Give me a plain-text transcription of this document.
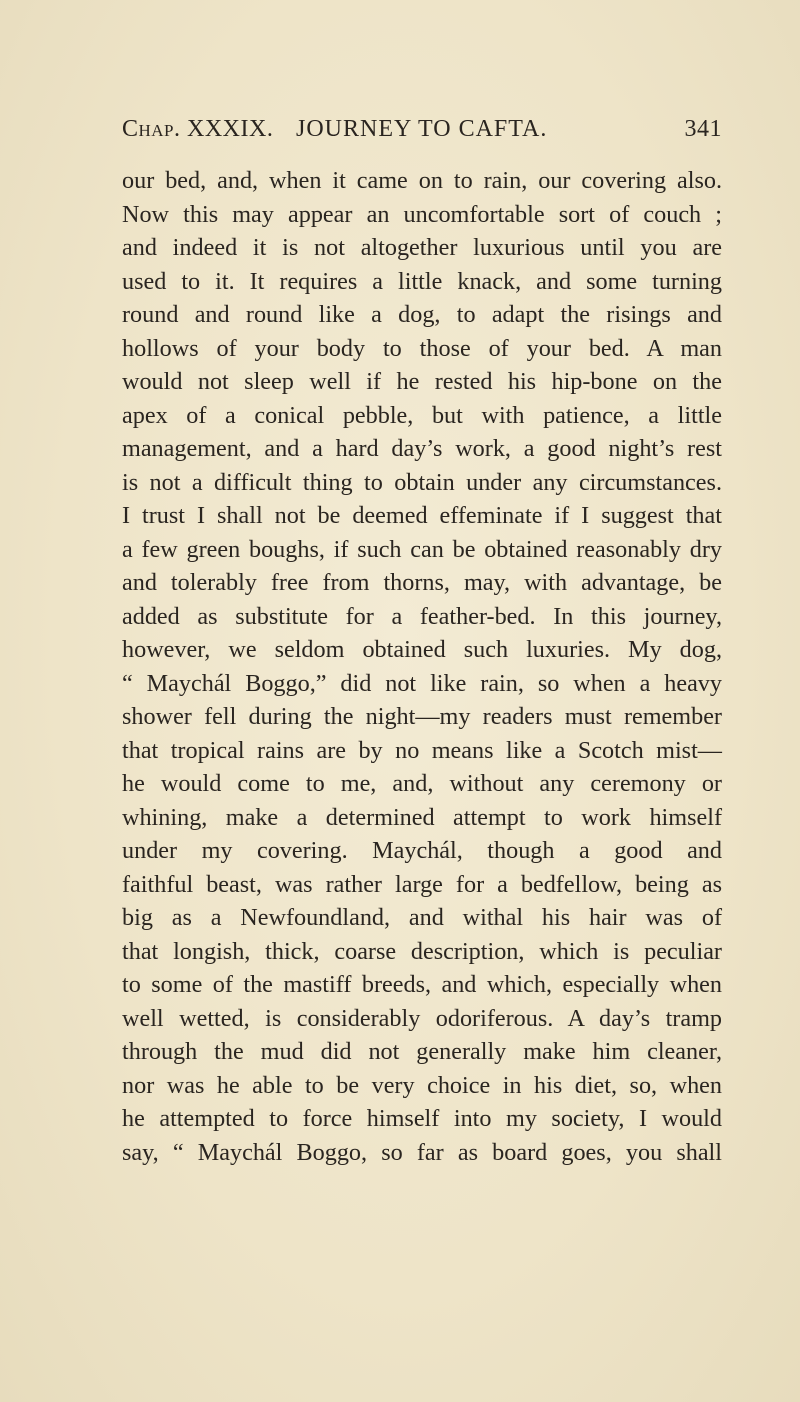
Chap. XXXIX. JOURNEY TO CAFTA.	341
our bed, and, when it came on to rain, our covering also.
Now this may appear an uncomfortable sort of couch ;
and indeed it is not altogether luxurious until you are
used to it. It requires a little knack, and some turning
round and round like a dog, to adapt the risings and
hollows of your body to those of your bed. A man
would not sleep well if he rested his hip-bone on the
apex of a conical pebble, but with patience, a little
management, and a hard day’s work, a good night’s rest
is not a difficult thing to obtain under any circumstances.
I trust I shall not be deemed effeminate if I suggest that
a few green boughs, if such can be obtained reasonably dry
and tolerably free from thorns, may, with advantage, be
added as substitute for a feather-bed. In this journey,
however, we seldom obtained such luxuries. My dog,
“ Maychál Boggo,” did not like rain, so when a heavy
shower fell during the night—my readers must remember
that tropical rains are by no means like a Scotch mist—
he would come to me, and, without any ceremony or
whining, make a determined attempt to work himself
under my covering. Maychál, though a good and
faithful beast, was rather large for a bedfellow, being as
big as a Newfoundland, and withal his hair was of
that longish, thick, coarse description, which is peculiar
to some of the mastiff breeds, and which, especially when
well wetted, is considerably odoriferous. A day’s tramp
through the mud did not generally make him cleaner,
nor was he able to be very choice in his diet, so, when
he attempted to force himself into my society, I would
say, “ Maychál Boggo, so far as board goes, you shall
